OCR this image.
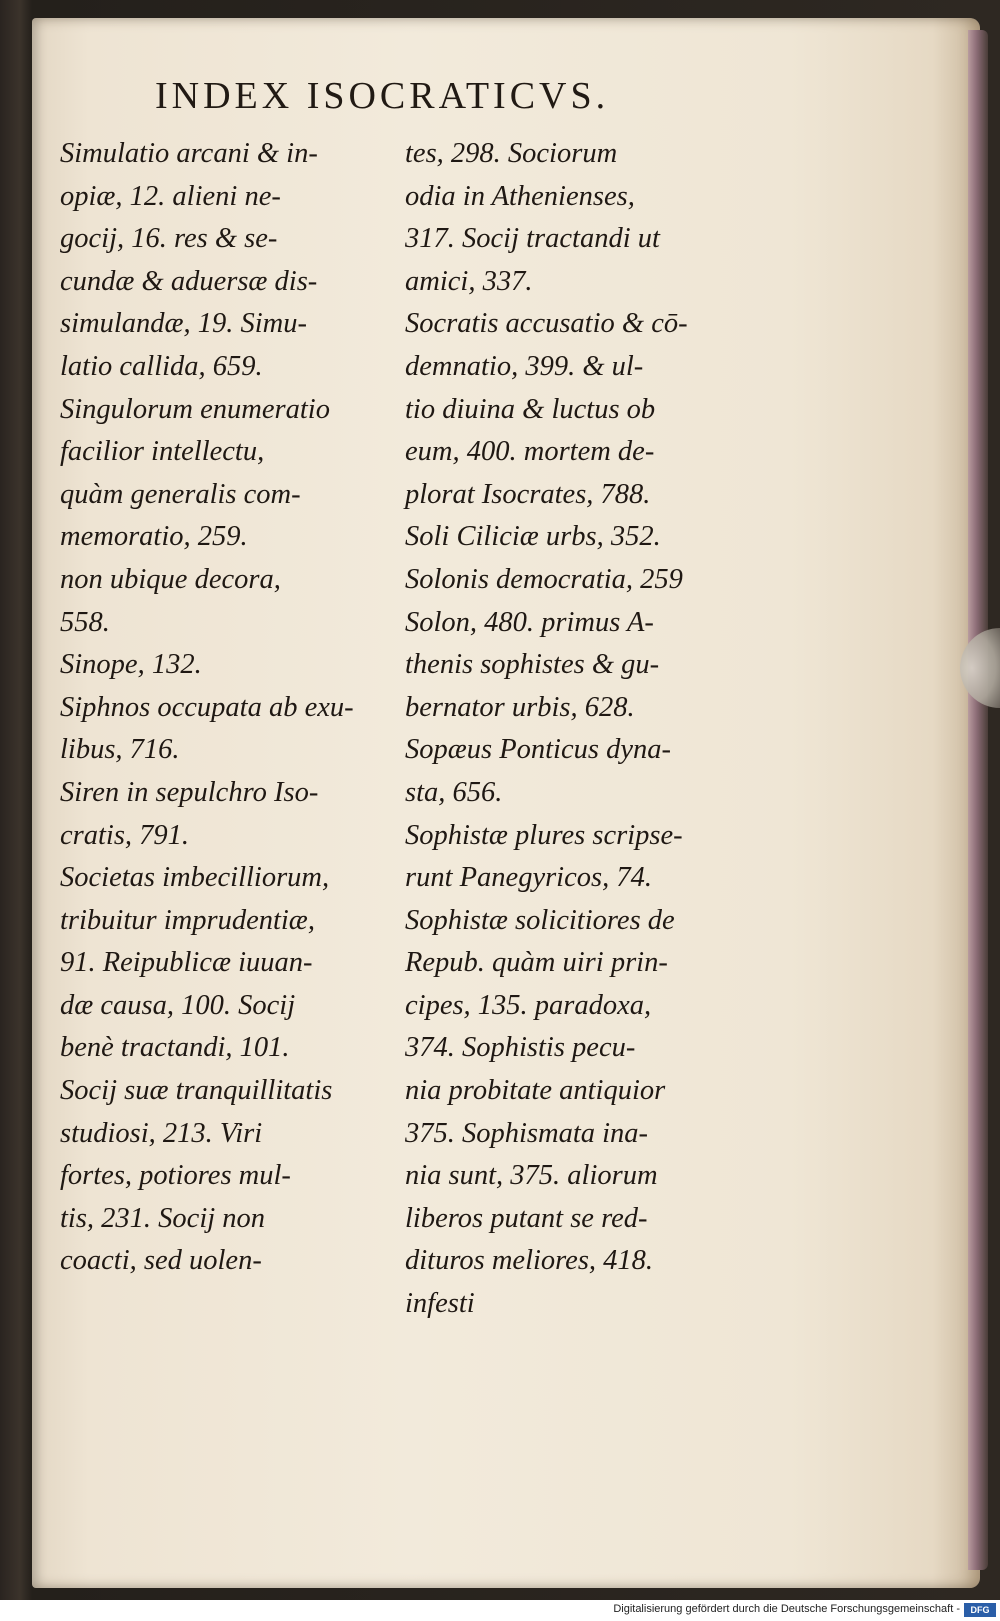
INDEX ISOCRATICVS.
Simulatio arcani & in-
opiæ, 12. alieni ne-
gocij, 16. res & se-
cundæ & aduersæ dis-
simulandæ, 19. Simu-
latio callida, 659.
Singulorum enumeratio
facilior intellectu,
quàm generalis com-
memoratio, 259.
non ubique decora,
558.
Sinope, 132.
Siphnos occupata ab exu-
libus, 716.
Siren in sepulchro Iso-
cratis, 791.
Societas imbecilliorum,
tribuitur imprudentiæ,
91. Reipublicæ iuuan-
dæ causa, 100. Socij
benè tractandi, 101.
Socij suæ tranquillitatis
studiosi, 213. Viri
fortes, potiores mul-
tis, 231. Socij non
coacti, sed uolen-
tes, 298. Sociorum
odia in Athenienses,
317. Socij tractandi ut
amici, 337.
Socratis accusatio & cō-
demnatio, 399. & ul-
tio diuina & luctus ob
eum, 400. mortem de-
plorat Isocrates, 788.
Soli Ciliciæ urbs, 352.
Solonis democratia, 259
Solon, 480. primus A-
thenis sophistes & gu-
bernator urbis, 628.
Sopæus Ponticus dyna-
sta, 656.
Sophistæ plures scripse-
runt Panegyricos, 74.
Sophistæ solicitiores de
Repub. quàm uiri prin-
cipes, 135. paradoxa,
374. Sophistis pecu-
nia probitate antiquior
375. Sophismata ina-
nia sunt, 375. aliorum
liberos putant se red-
dituros meliores, 418.
infesti
Digitalisierung gefördert durch die Deutsche Forschungsgemeinschaft -	DFG
